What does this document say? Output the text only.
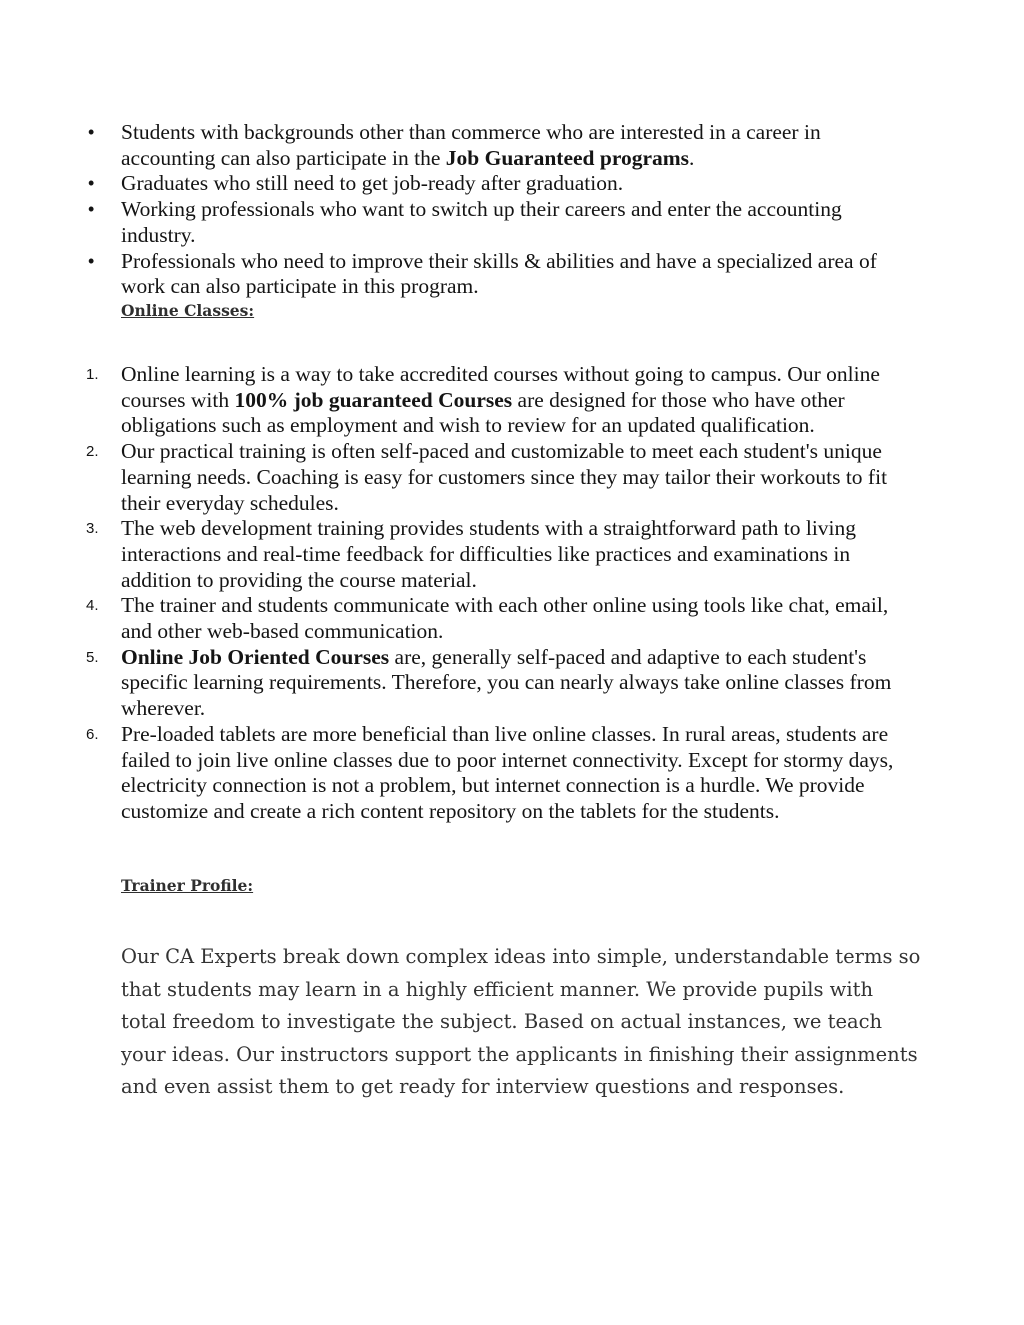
•	Students with backgrounds other than commerce who are interested in a career in accounting can also participate in the Job Guaranteed programs.
•	Graduates who still need to get job-ready after graduation.
•	Working professionals who want to switch up their careers and enter the accounting industry.
•	Professionals who need to improve their skills & abilities and have a specialized area of work can also participate in this program.
Online Classes:
1.	Online learning is a way to take accredited courses without going to campus. Our online courses with 100% job guaranteed Courses are designed for those who have other obligations such as employment and wish to review for an updated qualification.
2.	Our practical training is often self-paced and customizable to meet each student's unique learning needs. Coaching is easy for customers since they may tailor their workouts to fit their everyday schedules.
3.	The web development training provides students with a straightforward path to living interactions and real-time feedback for difficulties like practices and examinations in addition to providing the course material.
4.	The trainer and students communicate with each other online using tools like chat, email, and other web-based communication.
5.	Online Job Oriented Courses are, generally self-paced and adaptive to each student's specific learning requirements. Therefore, you can nearly always take online classes from wherever.
6.	Pre-loaded tablets are more beneficial than live online classes. In rural areas, students are failed to join live online classes due to poor internet connectivity. Except for stormy days, electricity connection is not a problem, but internet connection is a hurdle. We provide customize and create a rich content repository on the tablets for the students.
Trainer Profile:

Our CA Experts break down complex ideas into simple, understandable terms so that students may learn in a highly efficient manner. We provide pupils with total freedom to investigate the subject. Based on actual instances, we teach your ideas. Our instructors support the applicants in finishing their assignments and even assist them to get ready for interview questions and responses.
